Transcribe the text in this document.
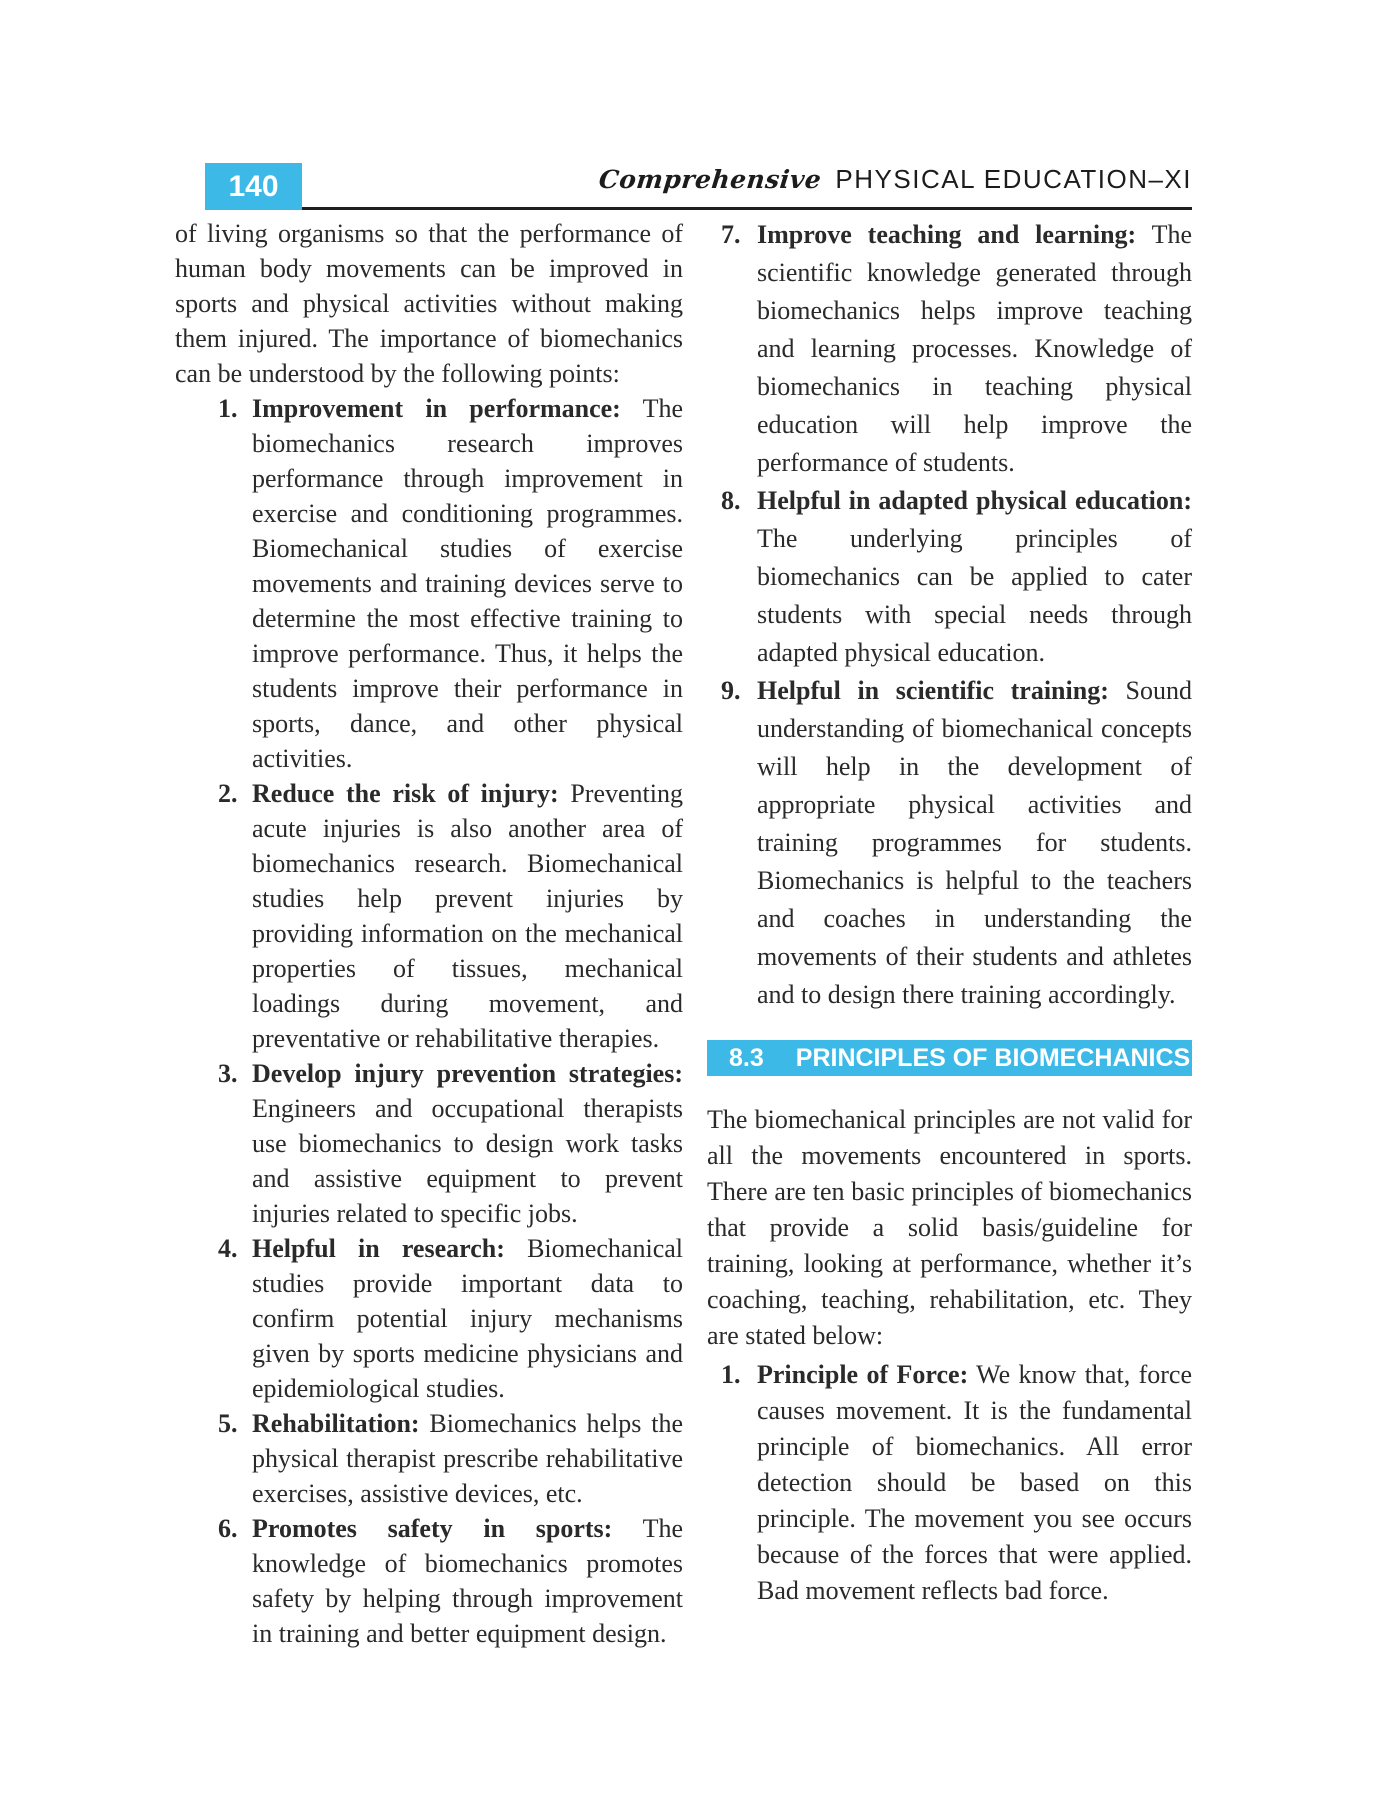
140	Comprehensive PHYSICAL EDUCATION–XI

of living organisms so that the performance of human body movements can be improved in sports and physical activities without making them injured. The importance of biomechanics can be understood by the following points:

1. Improvement in performance: The biomechanics research improves performance through improvement in exercise and conditioning programmes. Biomechanical studies of exercise movements and training devices serve to determine the most effective training to improve performance. Thus, it helps the students improve their performance in sports, dance, and other physical activities.
2. Reduce the risk of injury: Preventing acute injuries is also another area of biomechanics research. Biomechanical studies help prevent injuries by providing information on the mechanical properties of tissues, mechanical loadings during movement, and preventative or rehabilitative therapies.
3. Develop injury prevention strategies: Engineers and occupational therapists use biomechanics to design work tasks and assistive equipment to prevent injuries related to specific jobs.
4. Helpful in research: Biomechanical studies provide important data to confirm potential injury mechanisms given by sports medicine physicians and epidemiological studies.
5. Rehabilitation: Biomechanics helps the physical therapist prescribe rehabilitative exercises, assistive devices, etc.
6. Promotes safety in sports: The knowledge of biomechanics promotes safety by helping through improvement in training and better equipment design.
7. Improve teaching and learning: The scientific knowledge generated through biomechanics helps improve teaching and learning processes. Knowledge of biomechanics in teaching physical education will help improve the performance of students.
8. Helpful in adapted physical education: The underlying principles of biomechanics can be applied to cater students with special needs through adapted physical education.
9. Helpful in scientific training: Sound understanding of biomechanical concepts will help in the development of appropriate physical activities and training programmes for students. Biomechanics is helpful to the teachers and coaches in understanding the movements of their students and athletes and to design there training accordingly.
8.3 PRINCIPLES OF BIOMECHANICS

The biomechanical principles are not valid for all the movements encountered in sports. There are ten basic principles of biomechanics that provide a solid basis/guideline for training, looking at performance, whether it’s coaching, teaching, rehabilitation, etc. They are stated below:

1. Principle of Force: We know that, force causes movement. It is the fundamental principle of biomechanics. All error detection should be based on this principle. The movement you see occurs because of the forces that were applied. Bad movement reflects bad force.
